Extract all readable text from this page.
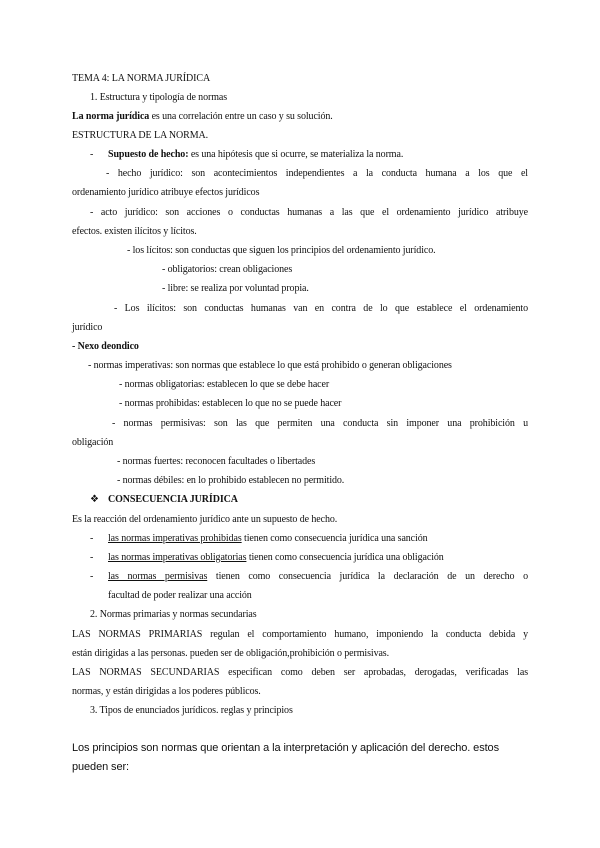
TEMA 4: LA NORMA JURÍDICA
1. Estructura y tipología de normas
La norma jurídica es una correlación entre un caso y su solución.
ESTRUCTURA DE LA NORMA.
- Supuesto de hecho: es una hipótesis que si ocurre, se materializa la norma.
- hecho jurídico: son acontecimientos independientes a la conducta humana a los que el
ordenamiento jurídico atribuye efectos jurídicos
- acto jurídico: son acciones o conductas humanas a las que el ordenamiento jurídico atribuye
efectos. existen ilícitos y lícitos.
- los lícitos: son conductas que siguen los principios del ordenamiento jurídico.
- obligatorios: crean obligaciones
- libre: se realiza por voluntad propia.
- Los ilícitos: son conductas humanas van en contra de lo que establece el ordenamiento
jurídico
- Nexo deondico
- normas imperativas: son normas que establece lo que está prohibido o generan obligaciones
- normas obligatorias: establecen lo que se debe hacer
- normas prohibidas: establecen lo que no se puede hacer
- normas permisivas: son las que permiten una conducta sin imponer una prohibición u
obligación
- normas fuertes: reconocen facultades o libertades
- normas débiles: en lo prohibido establecen no permitido.
❖ CONSECUENCIA JURÍDICA
Es la reacción del ordenamiento jurídico ante un supuesto de hecho.
- las normas imperativas prohibidas tienen como consecuencia jurídica una sanción
- las normas imperativas obligatorias tienen como consecuencia jurídica una obligación
- las normas permisivas tienen como consecuencia jurídica la declaración de un derecho o
facultad de poder realizar una acción
2. Normas primarias y normas secundarias
LAS NORMAS PRIMARIAS regulan el comportamiento humano, imponiendo la conducta debida y
están dirigidas a las personas. pueden ser de obligación,prohibición o permisivas.
LAS NORMAS SECUNDARIAS especifican como deben ser aprobadas, derogadas, verificadas las
normas, y están dirigidas a los poderes públicos.
3. Tipos de enunciados jurídicos. reglas y principios
Los principios son normas que orientan a la interpretación y aplicación del derecho. estos
pueden ser:
